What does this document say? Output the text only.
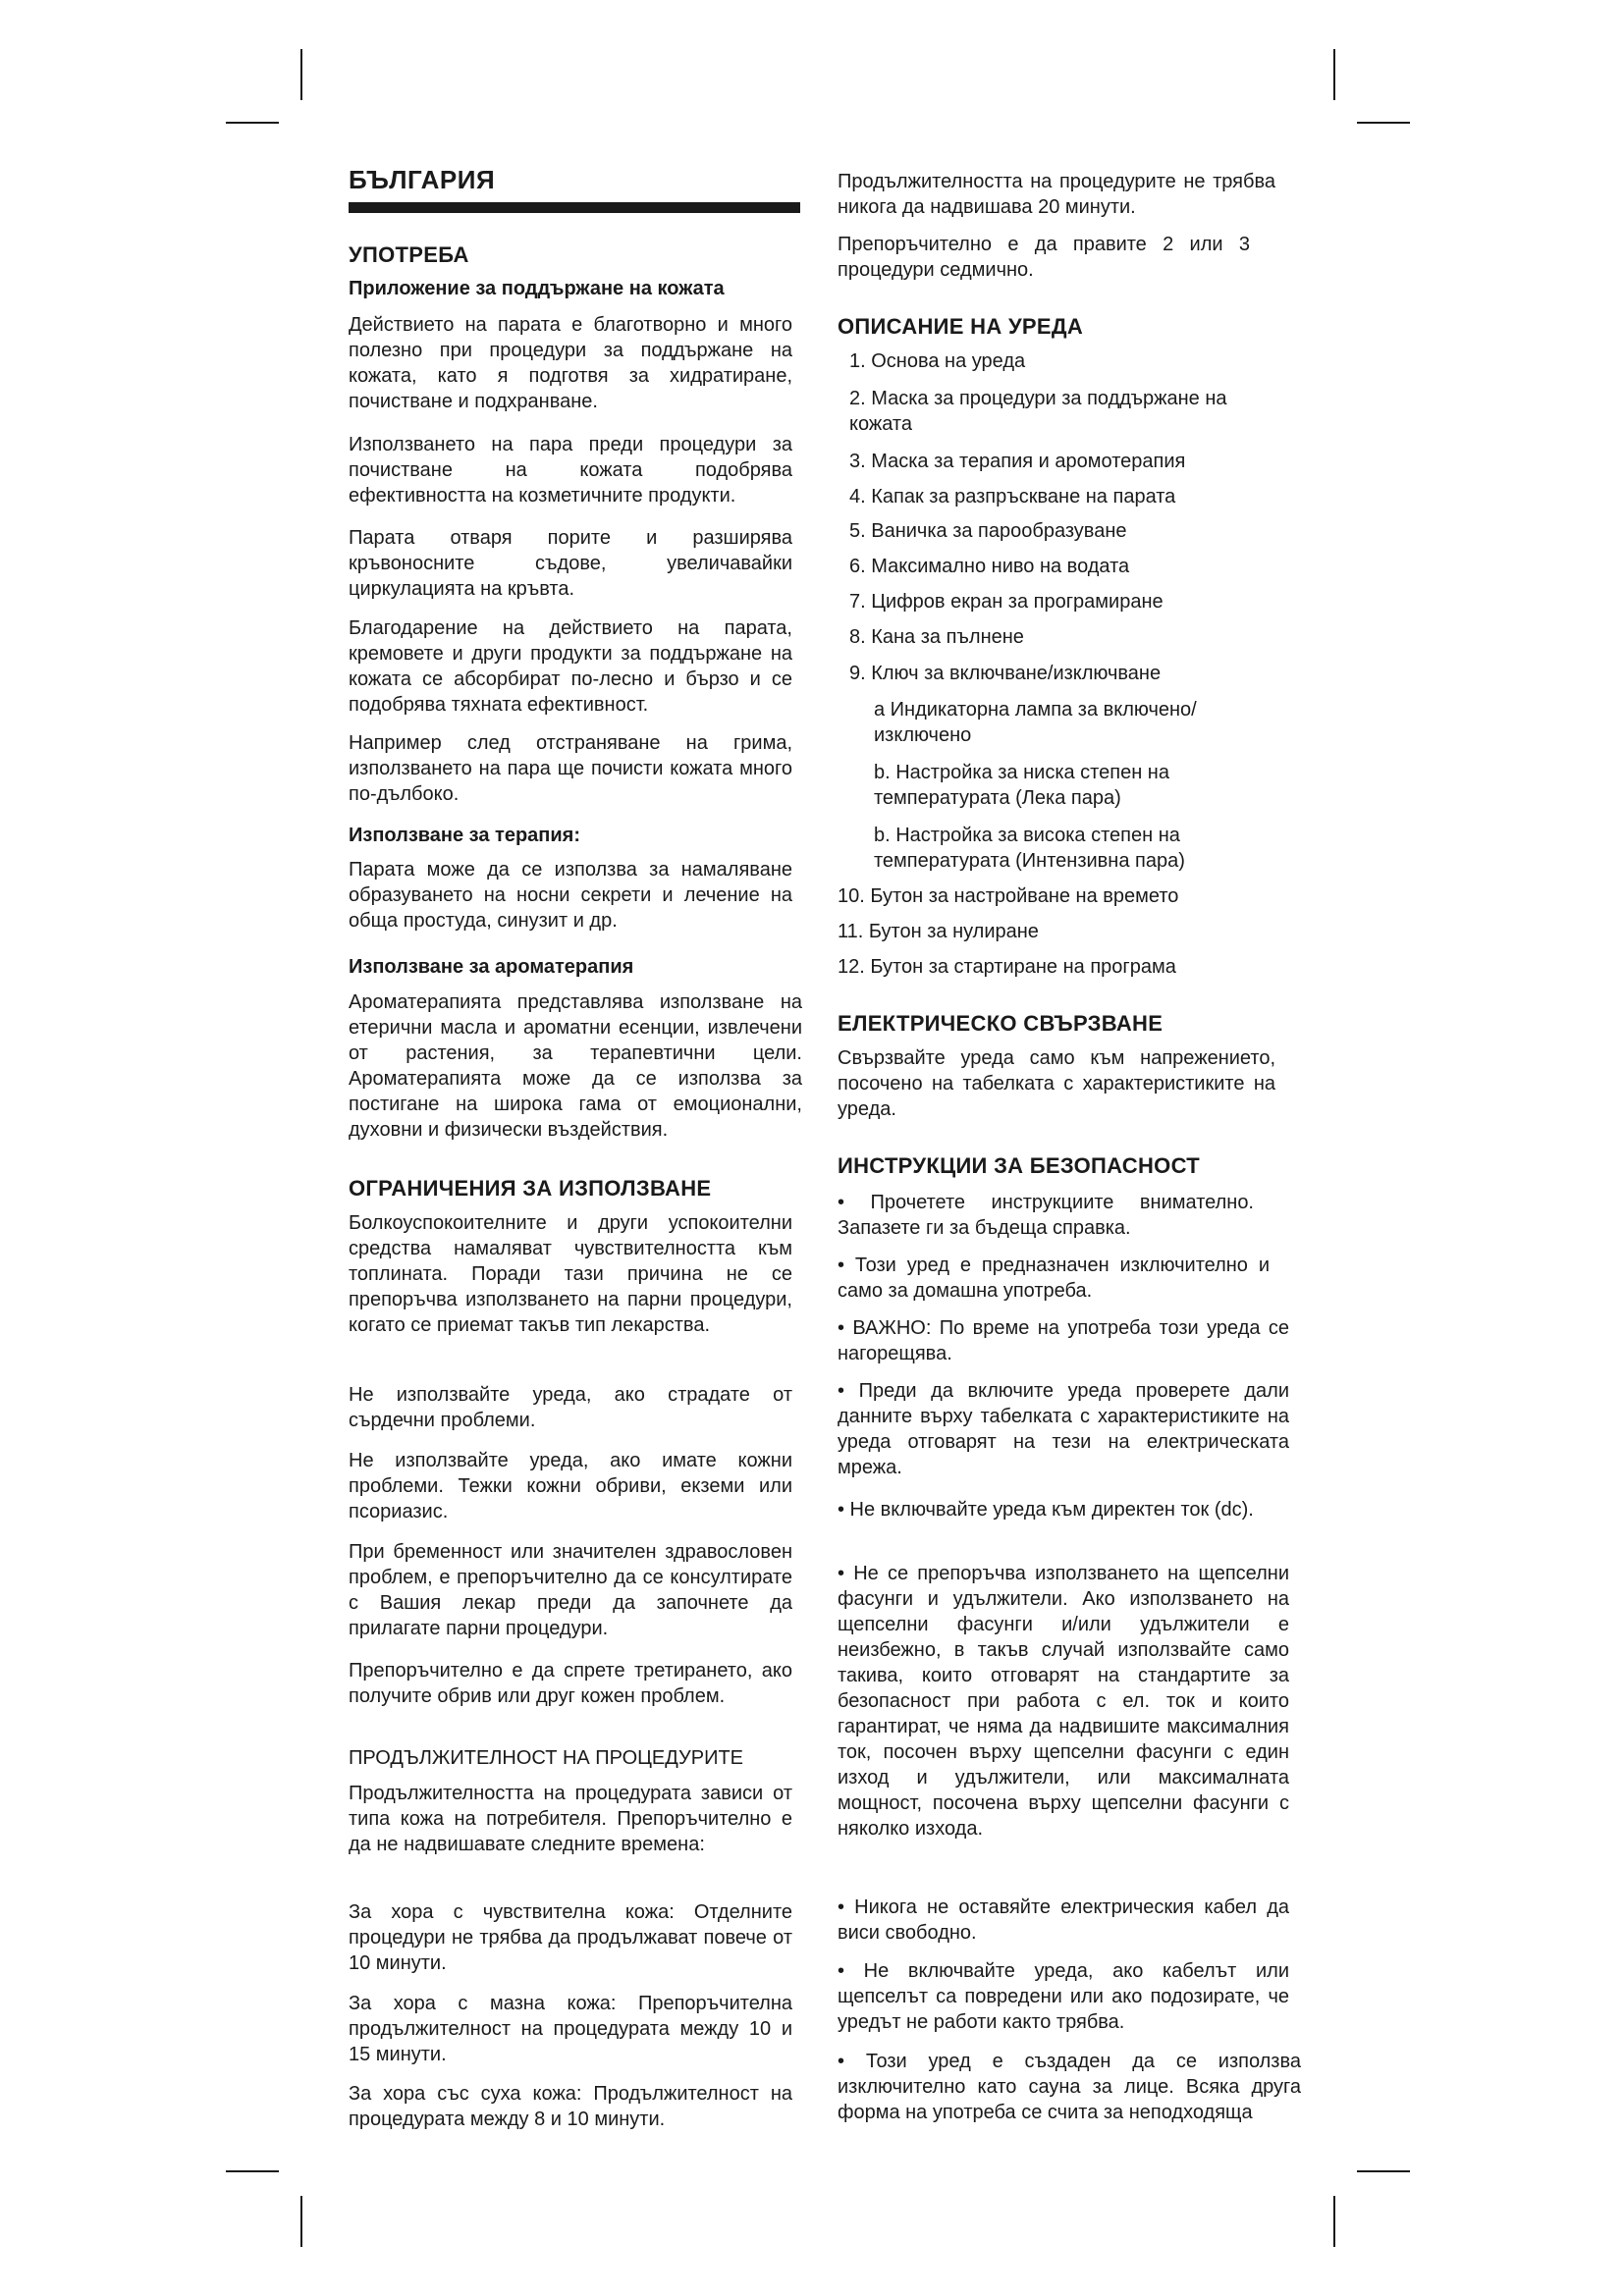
БЪЛГАРИЯ
УПОТРЕБА
Приложение за поддържане на кожата

Действието на парата е благотворно и много полезно при процедури за поддържане на кожата, като я подготвя за хидратиране, почистване и подхранване.

Използването на пара преди процедури за почистване на кожата подобрява ефективността на козметичните продукти.

Парата отваря порите и разширява кръвоносните съдове, увеличавайки циркулацията на кръвта.

Благодарение на действието на парата, кремовете и други продукти за поддържане на кожата се абсорбират по-лесно и бързо и се подобрява тяхната ефективност.

Например след отстраняване на грима, използването на пара ще почисти кожата много по-дълбоко.

Използване за терапия:

Парата може да се използва за намаляване образуването на носни секрети и лечение на обща простуда, синузит и др.

Използване за ароматерапия

Ароматерапията представлява използване на етерични масла и ароматни есенции, извлечени от растения, за терапевтични цели. Ароматерапията може да се използва за постигане на широка гама от емоционални, духовни и физически въздействия.

ОГРАНИЧЕНИЯ ЗА ИЗПОЛЗВАНЕ

Болкоуспокоителните и други успокоителни средства намаляват чувствителността към топлината. Поради тази причина не се препоръчва използването на парни процедури, когато се приемат такъв тип лекарства.

Не използвайте уреда, ако страдате от сърдечни проблеми.

Не използвайте уреда, ако имате кожни проблеми. Тежки кожни обриви, екземи или псориазис.

При бременност или значителен здравословен проблем, е препоръчително да се консултирате с Вашия лекар преди да започнете да прилагате парни процедури.

Препоръчително е да спрете третирането, ако получите обрив или друг кожен проблем.

ПРОДЪЛЖИТЕЛНОСТ НА ПРОЦЕДУРИТЕ

Продължителността на процедурата зависи от типа кожа на потребителя. Препоръчително е да не надвишавате следните времена:

За хора с чувствителна кожа: Отделните процедури не трябва да продължават повече от 10 минути.

За хора с мазна кожа: Препоръчителна продължителност на процедурата между 10 и 15 минути.

За хора със суха кожа: Продължителност на процедурата между 8 и 10 минути.

Продължителността на процедурите не трябва никога да надвишава 20 минути.

Препоръчително е да правите 2 или 3 процедури седмично.

ОПИСАНИЕ НА УРЕДА
1. Основа на уреда
2. Маска за процедури за поддържане на кожата
3. Маска за терапия и аромотерапия
4. Капак за разпръскване на парата
5. Ваничка за парообразуване
6. Максимално ниво на водата
7. Цифров екран за програмиране
8. Кана за пълнене
9. Ключ за включване/изключване
а Индикаторна лампа за включено/ изключено
b. Настройка за ниска степен на температурата (Лека пара)
b. Настройка за висока степен на температурата (Интензивна пара)
10. Бутон за настройване на времето
11. Бутон за нулиране
12. Бутон за стартиране на програма
ЕЛЕКТРИЧЕСКО СВЪРЗВАНЕ

Свързвайте уреда само към напрежението, посочено на табелката с характеристиките на уреда.

ИНСТРУКЦИИ ЗА БЕЗОПАСНОСТ

• Прочетете инструкциите внимателно. Запазете ги за бъдеща справка.

• Този уред е предназначен изключително и само за домашна употреба.

• ВАЖНО: По време на употреба този уреда се нагорещява.

• Преди да включите уреда проверете дали данните върху табелката с характеристиките на уреда отговарят на тези на електрическата мрежа.

• Не включвайте уреда към директен ток (dc).

• Не се препоръчва използването на щепселни фасунги и удължители. Ако използването на щепселни фасунги и/или удължители е неизбежно, в такъв случай използвайте само такива, които отговарят на стандартите за безопасност при работа с ел. ток и които гарантират, че няма да надвишите максималния ток, посочен върху щепселни фасунги с един изход и удължители, или максималната мощност, посочена върху щепселни фасунги с няколко изхода.

• Никога не оставяйте електрическия кабел да виси свободно.

• Не включвайте уреда, ако кабелът или щепселът са повредени или ако подозирате, че уредът не работи както трябва.

• Този уред е създаден да се използва изключително като сауна за лице. Всяка друга форма на употреба се счита за неподходяща
